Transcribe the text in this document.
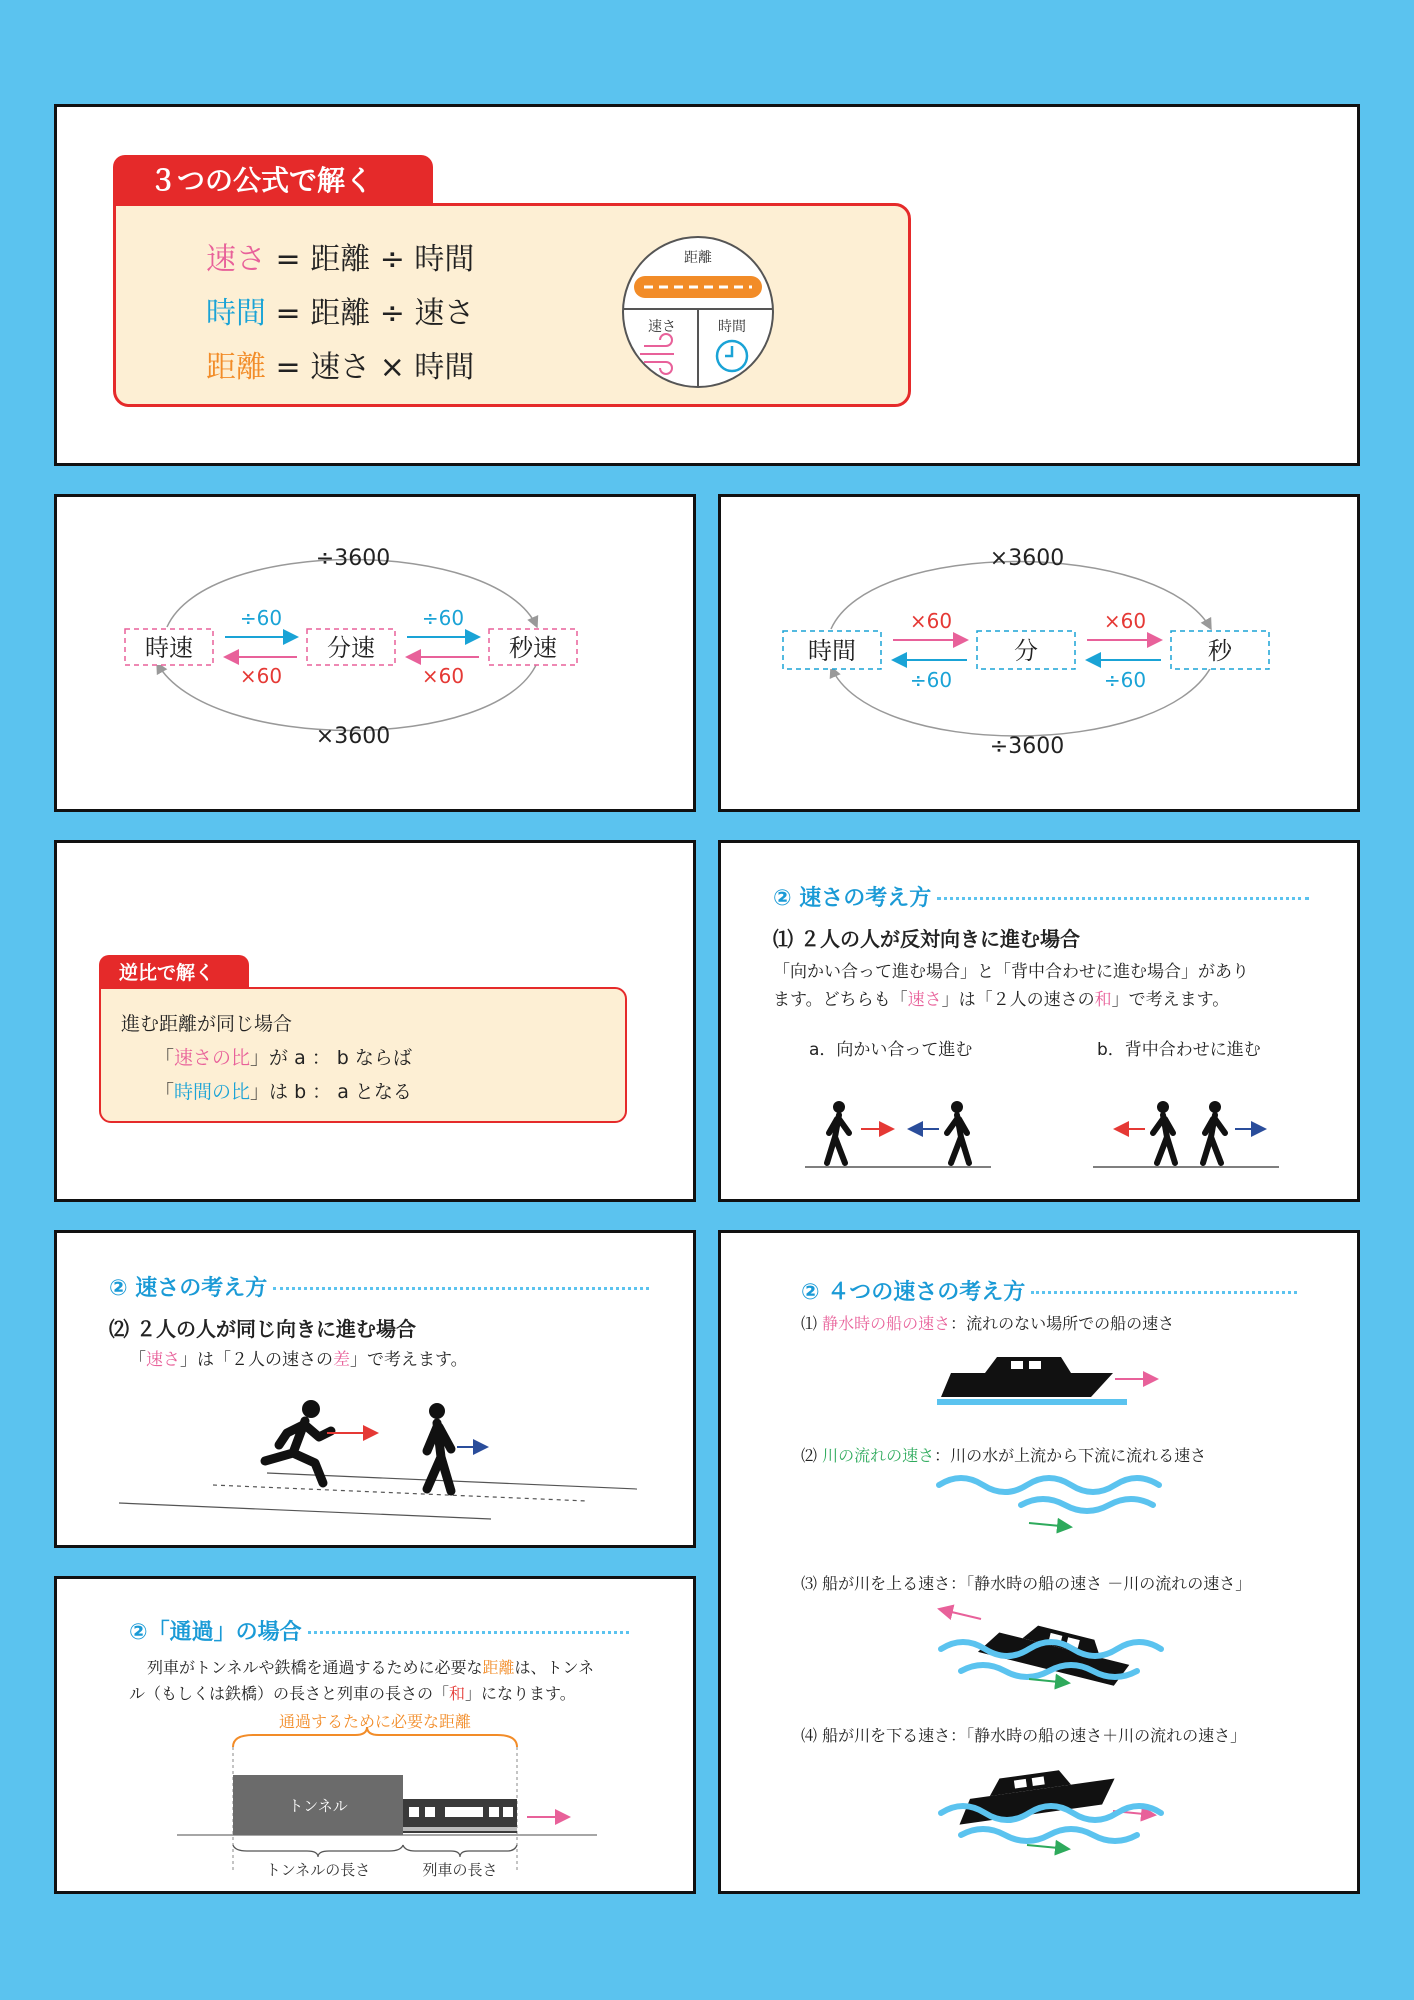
３つの公式で解く
速さ = 距離 ÷ 時間
時間 = 距離 ÷ 速さ
距離 = 速さ × 時間
距離
速さ	時間
÷3600
×3600
時速	分速	秒速
÷60	÷60
×60	×60
×3600
÷3600
時間	分	秒
×60	×60
÷60	÷60
逆比で解く
進む距離が同じ場合
「速さの比」が a ： b ならば
「時間の比」は b ： a となる
② 速さの考え方
⑴ ２人の人が反対向きに進む場合
「向かい合って進む場合」と「背中合わせに進む場合」があり
ます。どちらも「速さ」は「２人の速さの和」で考えます。
a．向かい合って進む	b．背中合わせに進む
② 速さの考え方
⑵ ２人の人が同じ向きに進む場合
「速さ」は「２人の速さの差」で考えます。
②「通過」の場合
列車がトンネルや鉄橋を通過するために必要な距離は、トンネ
ル（もしくは鉄橋）の長さと列車の長さの「和」になります。
通過するために必要な距離
トンネル
トンネルの長さ	列車の長さ
② ４つの速さの考え方
⑴ 静水時の船の速さ：流れのない場所での船の速さ
⑵ 川の流れの速さ：川の水が上流から下流に流れる速さ
⑶ 船が川を上る速さ：「静水時の船の速さ －川の流れの速さ」
⑷ 船が川を下る速さ：「静水時の船の速さ＋川の流れの速さ」
